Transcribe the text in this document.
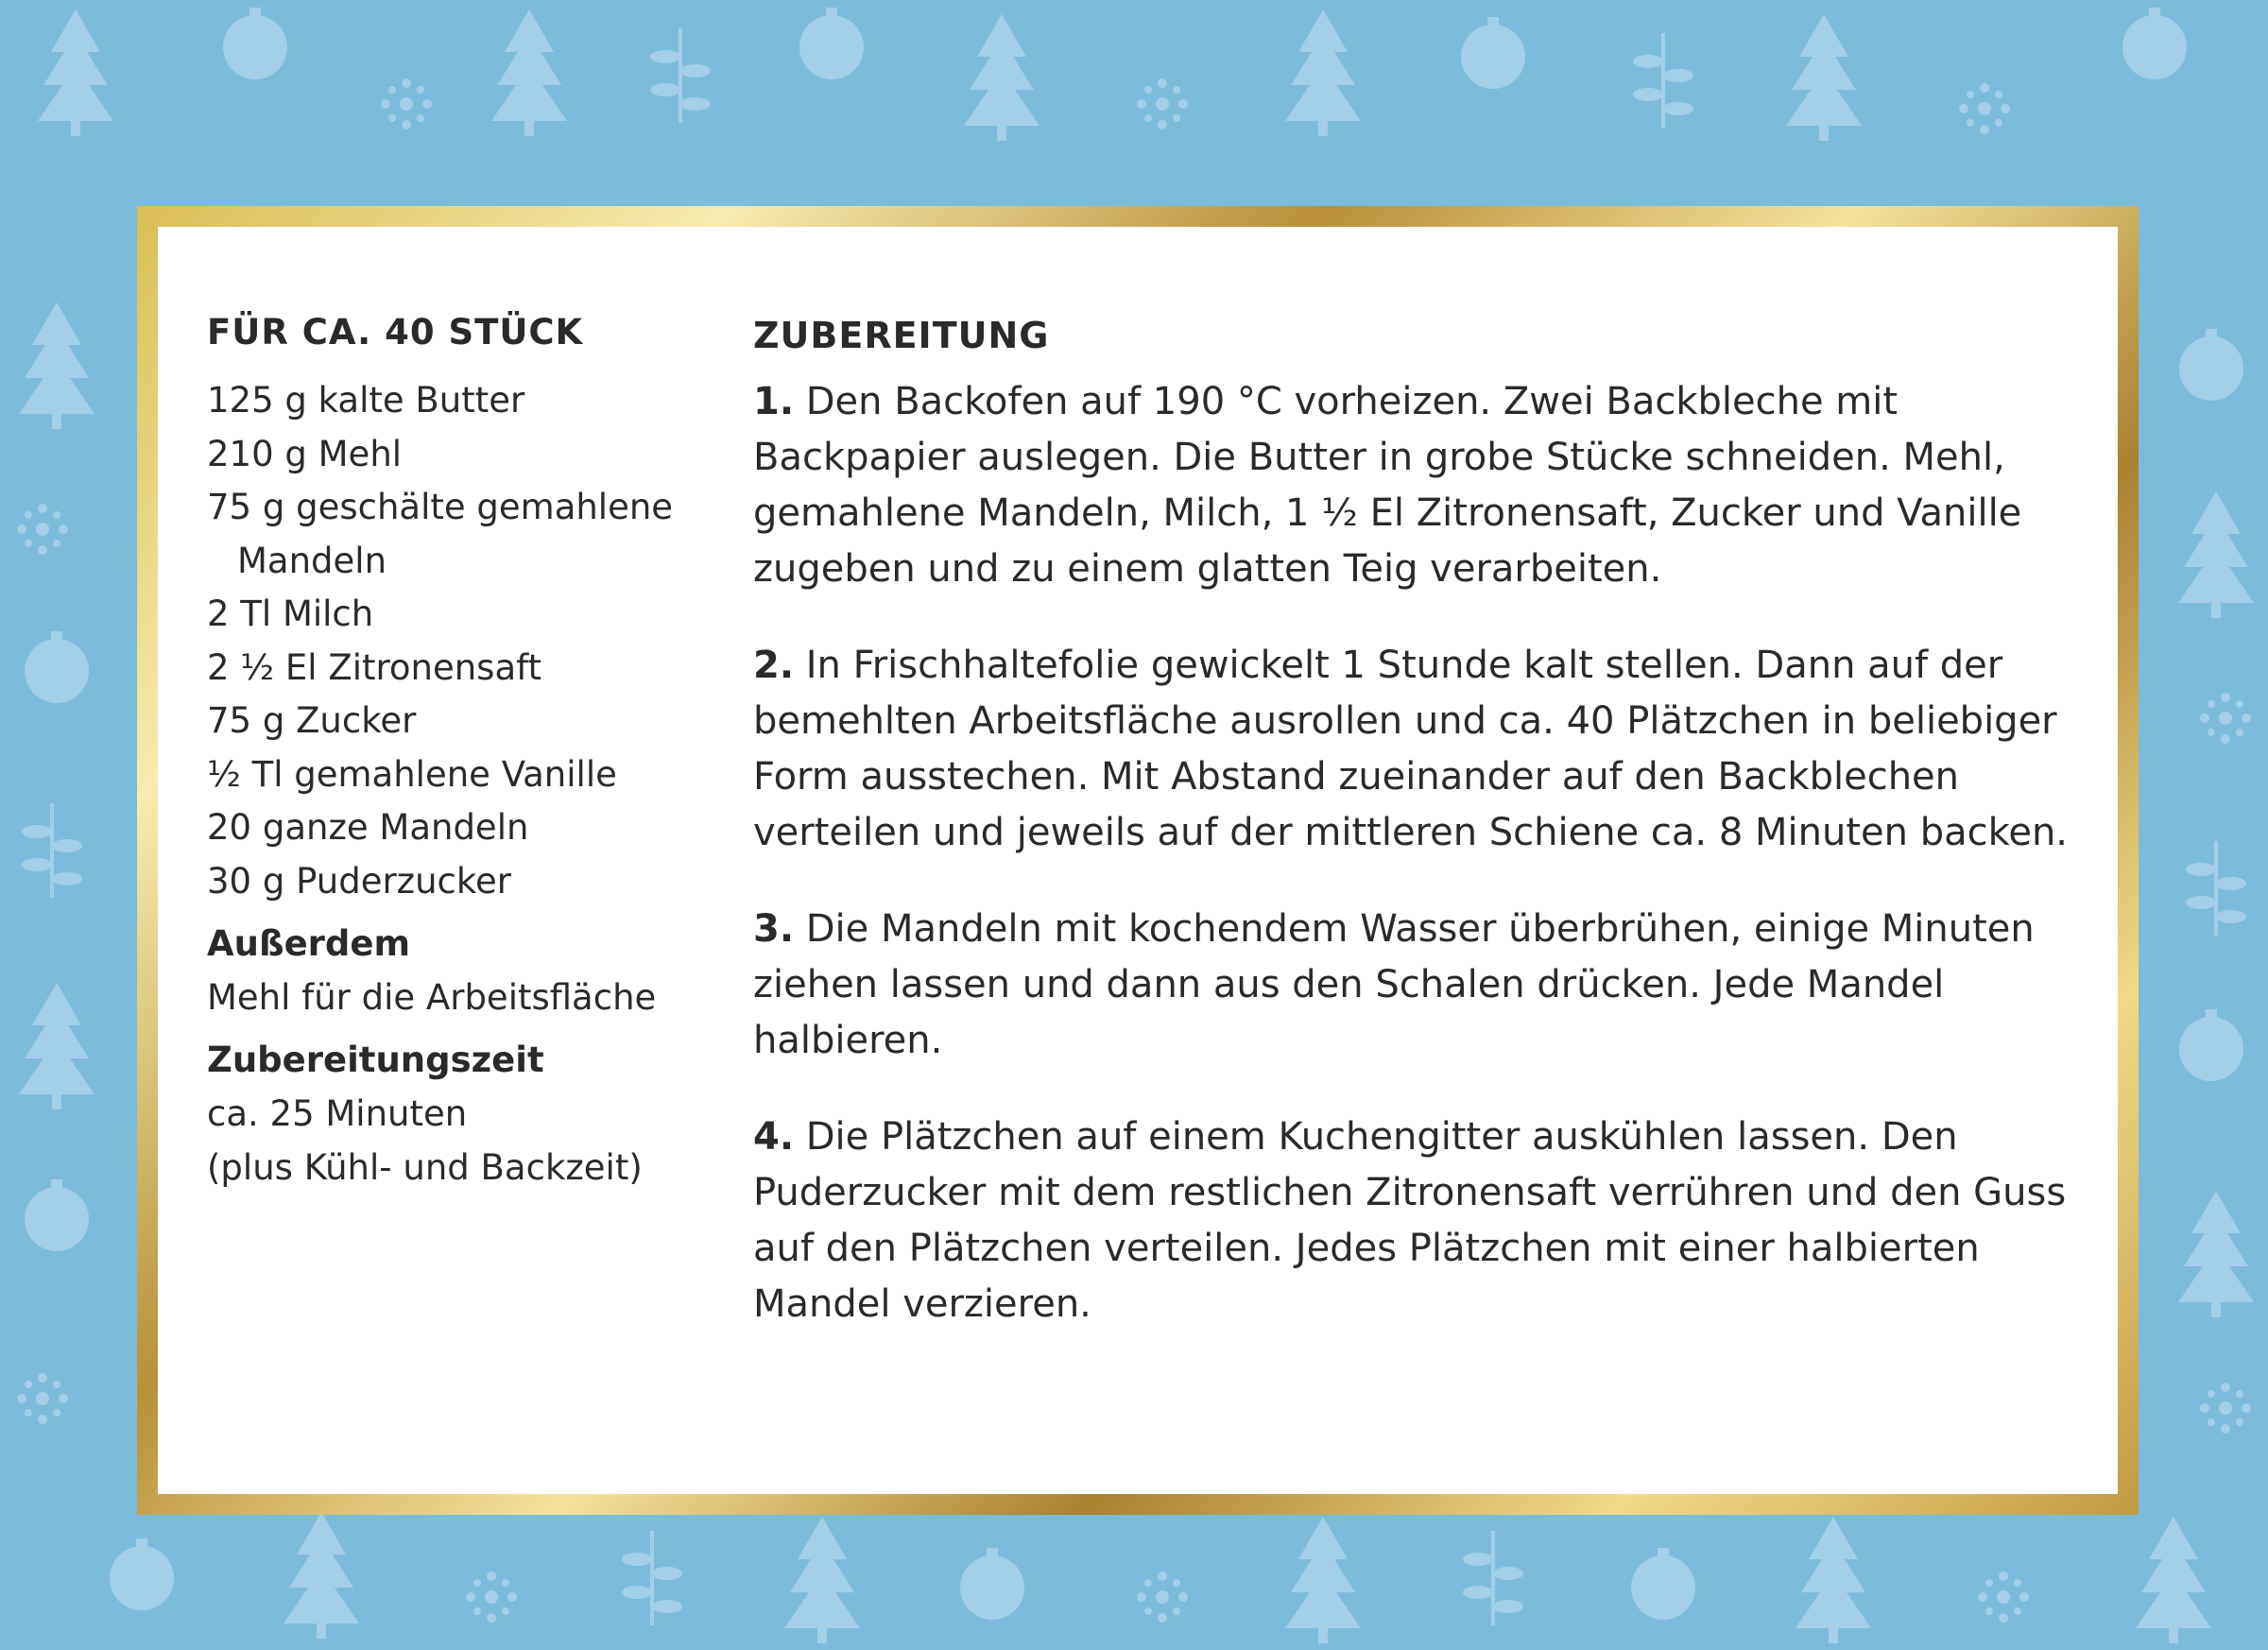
FÜR CA. 40 STÜCK
125 g kalte Butter
210 g Mehl
75 g geschälte gemahlene
Mandeln
2 Tl Milch
2 ½ El Zitronensaft
75 g Zucker
½ Tl gemahlene Vanille
20 ganze Mandeln
30 g Puderzucker
Außerdem
Mehl für die Arbeitsfläche
Zubereitungszeit
ca. 25 Minuten
(plus Kühl- und Backzeit)
ZUBEREITUNG

1. Den Backofen auf 190 °C vorheizen. Zwei Backbleche mit Backpapier auslegen. Die Butter in grobe Stücke schneiden. Mehl, gemahlene Mandeln, Milch, 1 ½ El Zitronensaft, Zucker und Vanille zugeben und zu einem glatten Teig verarbeiten.

2. In Frischhaltefolie gewickelt 1 Stunde kalt stellen. Dann auf der bemehlten Arbeitsfläche ausrollen und ca. 40 Plätzchen in beliebiger Form ausstechen. Mit Abstand zueinander auf den Backblechen verteilen und jeweils auf der mittleren Schiene ca. 8 Minuten backen.

3. Die Mandeln mit kochendem Wasser überbrühen, einige Minuten ziehen lassen und dann aus den Schalen drücken. Jede Mandel halbieren.

4. Die Plätzchen auf einem Kuchengitter auskühlen lassen. Den Puderzucker mit dem restlichen Zitronensaft verrühren und den Guss auf den Plätzchen verteilen. Jedes Plätzchen mit einer halbierten Mandel verzieren.
